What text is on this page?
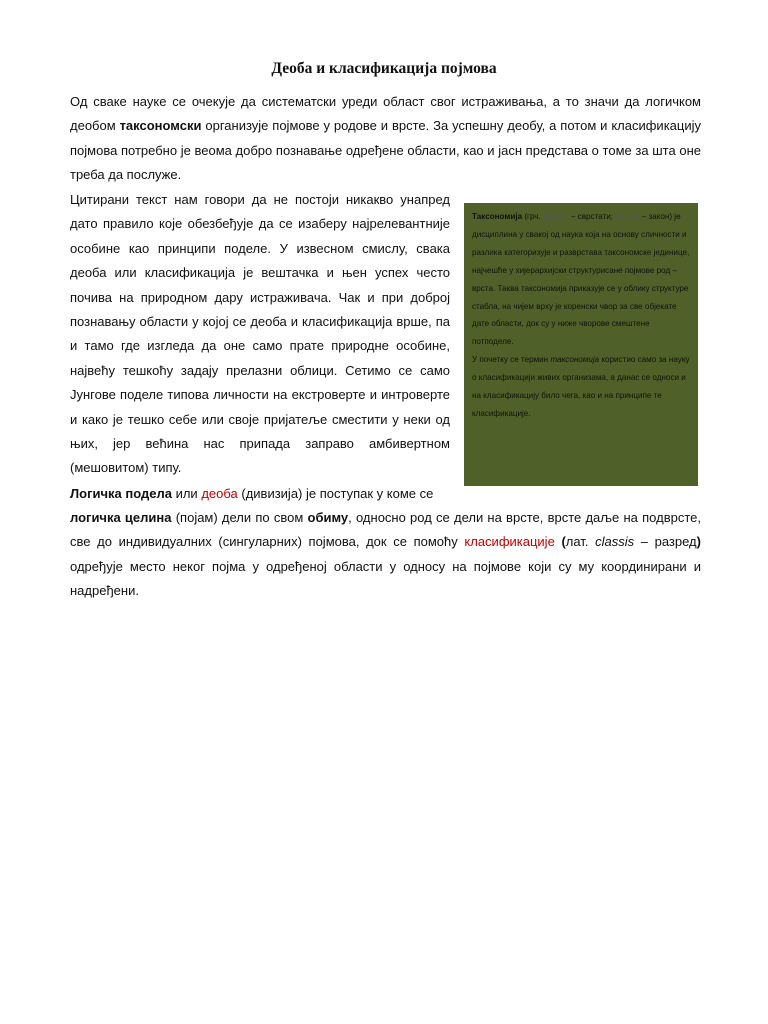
Деоба и класификација појмова

Од сваке науке се очекује да систематски уреди област свог истраживања, а то значи да логичком деобом таксономски организује појмове у родове и врсте. За успешну деобу, а потом и класификацију појмова потребно је веома добро познавање одређене области, као и јасн представа о томе за шта оне треба да послуже.

Цитирани текст нам говори да не постоји никакво унапред дато правило које обезбеђује да се изаберу најрелевантније особине као принципи поделе. У извесном смислу, свака деоба или класификација је вештачка и њен успех често почива на природном дару истраживача. Чак и при доброј познавању области у којој се деоба и класификација врше, па и тамо где изгледа да оне само прате природне особине, највећу тешкоћу задају прелазни облици. Сетимо се само Јунгове поделе типова личности на екстроверте и интроверте и како је тешко себе или своје пријатеље сместити у неки од њих, јер већина нас припада заправо амбивертном (мешовитом) типу.

Таксономија (грч. tassein – сврстати; nomos – закон) је дисциплина у свакој од наука која на основу сличности и разлика категоризује и разврстава таксономске јединице, најчешће у хијерархијски структурисане појмове род – врста. Таква таксономија приказује се у облику структуре стабла, на чијем врху је коренски чвор за све објекате дате области, док су у ниже чворове смештене потподеле.

У почетку се термин таксономија користио само за науку о класификацији живих организама, а данас се односи и на класификацију било чега, као и на принципе те класификације.

Логичка подела или деоба (дивизија) је поступак у коме се

логичка целина (појам) дели по свом обиму, односно род се дели на врсте, врсте даље на подврсте, све до индивидуалних (сингуларних) појмова, док се помоћу класификације (лат. classis – разред) одређује место неког појма у одређеној области у односу на појмове који су му координирани и надређени.
